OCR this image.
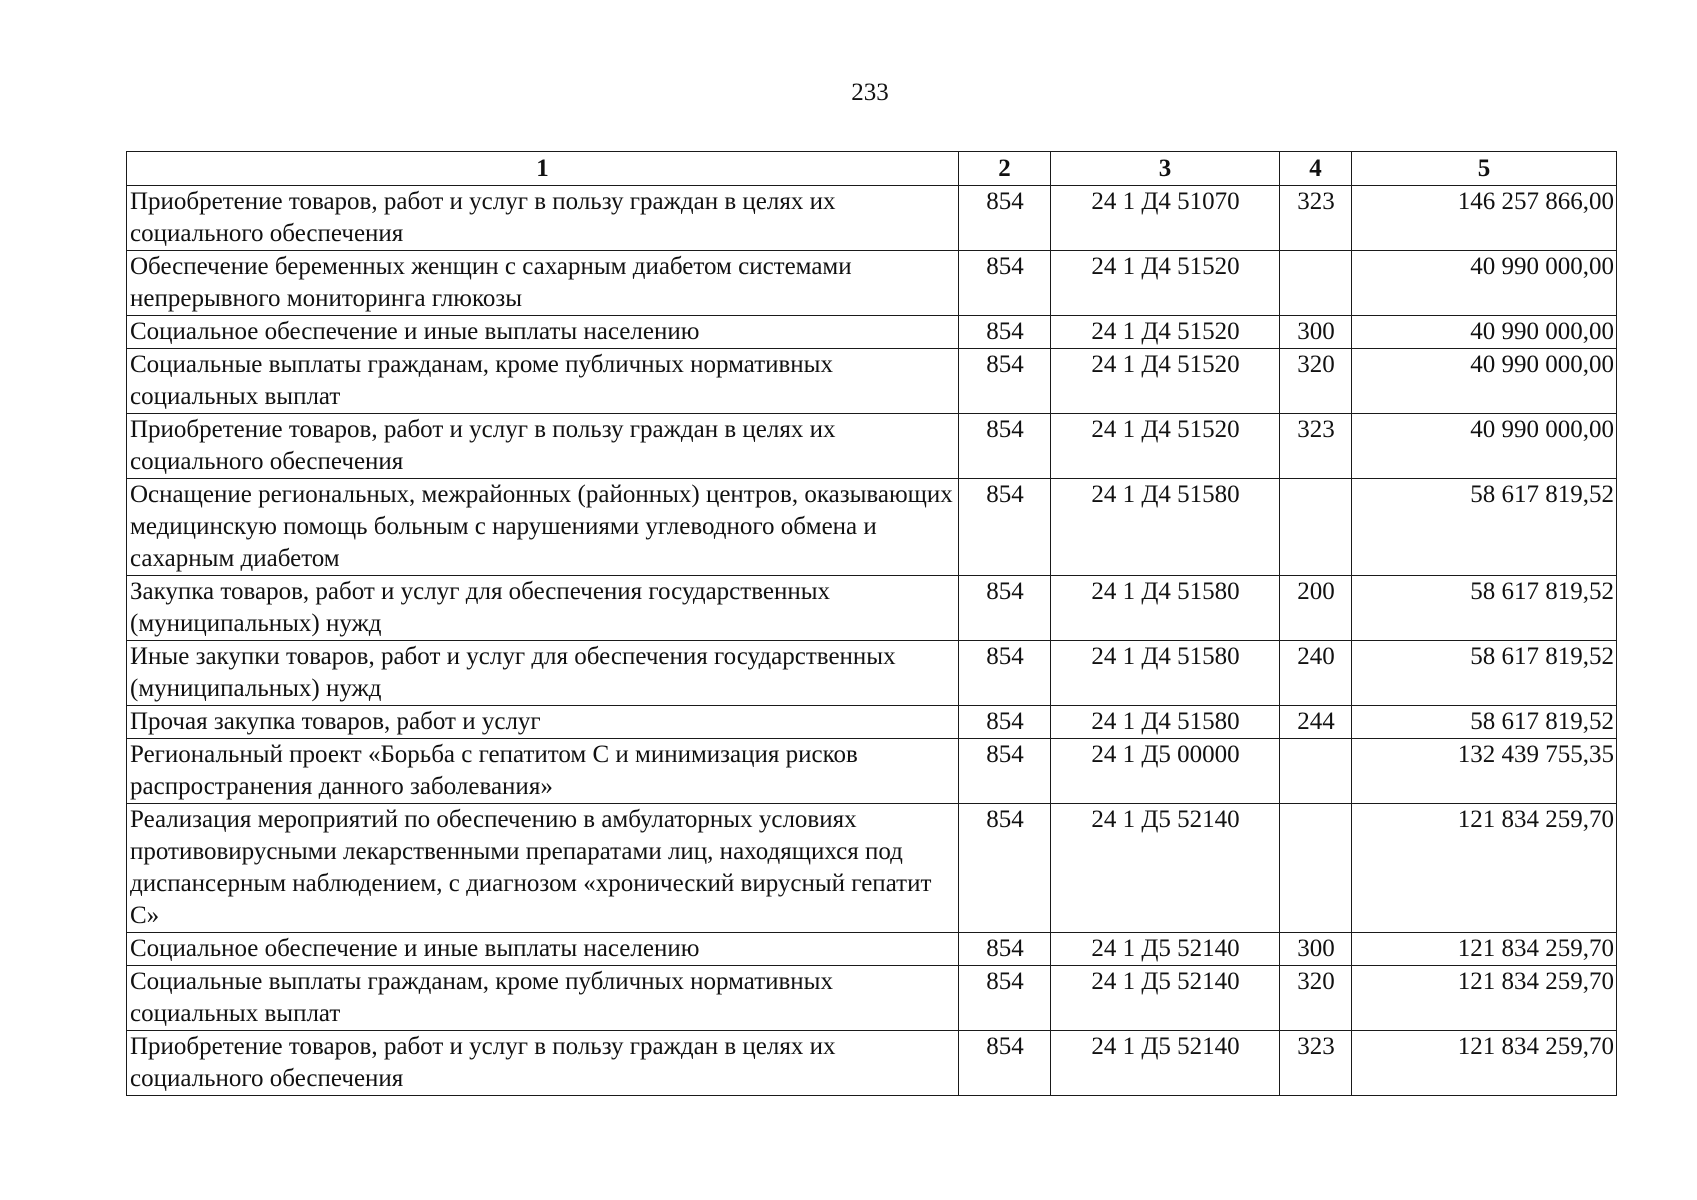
233
1	2	3	4	5
Приобретение товаров, работ и услуг в пользу граждан в целях их социального обеспечения	854	24 1 Д4 51070	323	146 257 866,00
Обеспечение беременных женщин с сахарным диабетом системами непрерывного мониторинга глюкозы	854	24 1 Д4 51520		40 990 000,00
Социальное обеспечение и иные выплаты населению	854	24 1 Д4 51520	300	40 990 000,00
Социальные выплаты гражданам, кроме публичных нормативных социальных выплат	854	24 1 Д4 51520	320	40 990 000,00
Приобретение товаров, работ и услуг в пользу граждан в целях их социального обеспечения	854	24 1 Д4 51520	323	40 990 000,00
Оснащение региональных, межрайонных (районных) центров, оказывающих медицинскую помощь больным с нарушениями углеводного обмена и сахарным диабетом	854	24 1 Д4 51580		58 617 819,52
Закупка товаров, работ и услуг для обеспечения государственных (муниципальных) нужд	854	24 1 Д4 51580	200	58 617 819,52
Иные закупки товаров, работ и услуг для обеспечения государственных (муниципальных) нужд	854	24 1 Д4 51580	240	58 617 819,52
Прочая закупка товаров, работ и услуг	854	24 1 Д4 51580	244	58 617 819,52
Региональный проект «Борьба с гепатитом С и минимизация рисков распространения данного заболевания»	854	24 1 Д5 00000		132 439 755,35
Реализация мероприятий по обеспечению в амбулаторных условиях противовирусными лекарственными препаратами лиц, находящихся под диспансерным наблюдением, с диагнозом «хронический вирусный гепатит С»	854	24 1 Д5 52140		121 834 259,70
Социальное обеспечение и иные выплаты населению	854	24 1 Д5 52140	300	121 834 259,70
Социальные выплаты гражданам, кроме публичных нормативных социальных выплат	854	24 1 Д5 52140	320	121 834 259,70
Приобретение товаров, работ и услуг в пользу граждан в целях их социального обеспечения	854	24 1 Д5 52140	323	121 834 259,70
